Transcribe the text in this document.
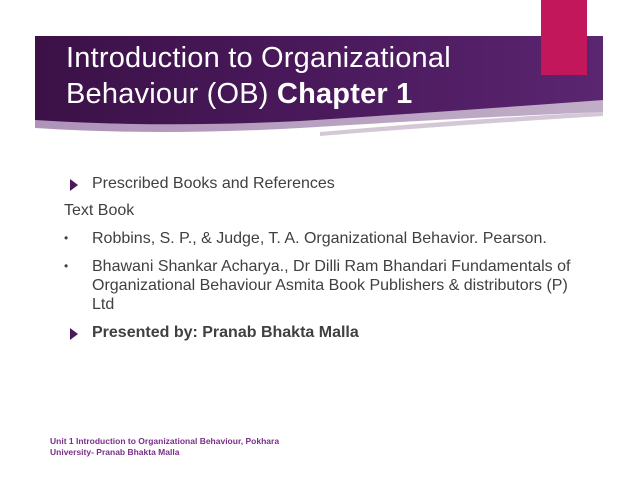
Introduction to Organizational
Behaviour (OB) Chapter 1
Prescribed Books and References
Text Book
• Robbins, S. P., & Judge, T. A. Organizational Behavior. Pearson.
• Bhawani Shankar Acharya., Dr Dilli Ram Bhandari Fundamentals of Organizational Behaviour Asmita Book Publishers & distributors (P) Ltd
Presented by: Pranab Bhakta Malla
Unit 1 Introduction to Organizational Behaviour, Pokhara
University- Pranab Bhakta Malla
